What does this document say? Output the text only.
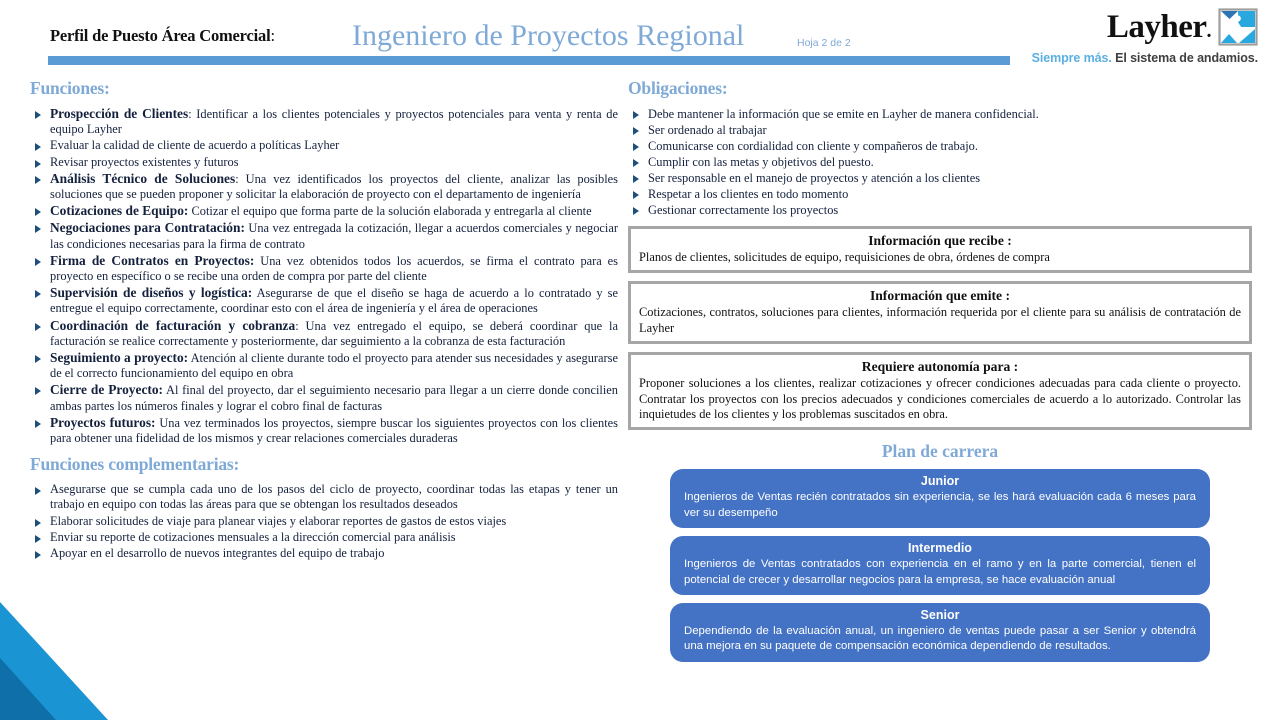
Perfil de Puesto Área Comercial:	Ingeniero de Proyectos Regional	Hoja 2 de 2	Layher.
Siempre más. El sistema de andamios.
Funciones:
Prospección de Clientes: Identificar a los clientes potenciales y proyectos potenciales para venta y renta de equipo Layher
Evaluar la calidad de cliente de acuerdo a políticas Layher
Revisar proyectos existentes y futuros
Análisis Técnico de Soluciones: Una vez identificados los proyectos del cliente, analizar las posibles soluciones que se pueden proponer y solicitar la elaboración de proyecto con el departamento de ingeniería
Cotizaciones de Equipo: Cotizar el equipo que forma parte de la solución elaborada y entregarla al cliente
Negociaciones para Contratación: Una vez entregada la cotización, llegar a acuerdos comerciales y negociar las condiciones necesarias para la firma de contrato
Firma de Contratos en Proyectos: Una vez obtenidos todos los acuerdos, se firma el contrato para es proyecto en específico o se recibe una orden de compra por parte del cliente
Supervisión de diseños y logística: Asegurarse de que el diseño se haga de acuerdo a lo contratado y se entregue el equipo correctamente, coordinar esto con el área de ingeniería y el área de operaciones
Coordinación de facturación y cobranza: Una vez entregado el equipo, se deberá coordinar que la facturación se realice correctamente y posteriormente, dar seguimiento a la cobranza de esta facturación
Seguimiento a proyecto: Atención al cliente durante todo el proyecto para atender sus necesidades y asegurarse de el correcto funcionamiento del equipo en obra
Cierre de Proyecto: Al final del proyecto, dar el seguimiento necesario para llegar a un cierre donde concilien ambas partes los números finales y lograr el cobro final de facturas
Proyectos futuros: Una vez terminados los proyectos, siempre buscar los siguientes proyectos con los clientes para obtener una fidelidad de los mismos y crear relaciones comerciales duraderas
Funciones complementarias:
Asegurarse que se cumpla cada uno de los pasos del ciclo de proyecto, coordinar todas las etapas y tener un trabajo en equipo con todas las áreas para que se obtengan los resultados deseados
Elaborar solicitudes de viaje para planear viajes y elaborar reportes de gastos de estos viajes
Enviar su reporte de cotizaciones mensuales a la dirección comercial para análisis
Apoyar en el desarrollo de nuevos integrantes del equipo de trabajo
Obligaciones:
Debe mantener la información que se emite en Layher de manera confidencial.
Ser ordenado al trabajar
Comunicarse con cordialidad con cliente y compañeros de trabajo.
Cumplir con las metas y objetivos del puesto.
Ser responsable en el manejo de proyectos y atención a los clientes
Respetar a los clientes en todo momento
Gestionar correctamente los proyectos
Información que recibe :
Planos de clientes, solicitudes de equipo, requisiciones de obra, órdenes de compra
Información que emite :
Cotizaciones, contratos, soluciones para clientes, información requerida por el cliente para su análisis de contratación de Layher
Requiere autonomía para :
Proponer soluciones a los clientes, realizar cotizaciones y ofrecer condiciones adecuadas para cada cliente o proyecto. Contratar los proyectos con los precios adecuados y condiciones comerciales de acuerdo a lo autorizado. Controlar las inquietudes de los clientes y los problemas suscitados en obra.
Plan de carrera
Junior
Ingenieros de Ventas recién contratados sin experiencia, se les hará evaluación cada 6 meses para ver su desempeño
Intermedio
Ingenieros de Ventas contratados con experiencia en el ramo y en la parte comercial, tienen el potencial de crecer y desarrollar negocios para la empresa, se hace evaluación anual
Senior
Dependiendo de la evaluación anual, un ingeniero de ventas puede pasar a ser Senior y obtendrá una mejora en su paquete de compensación económica dependiendo de resultados.
